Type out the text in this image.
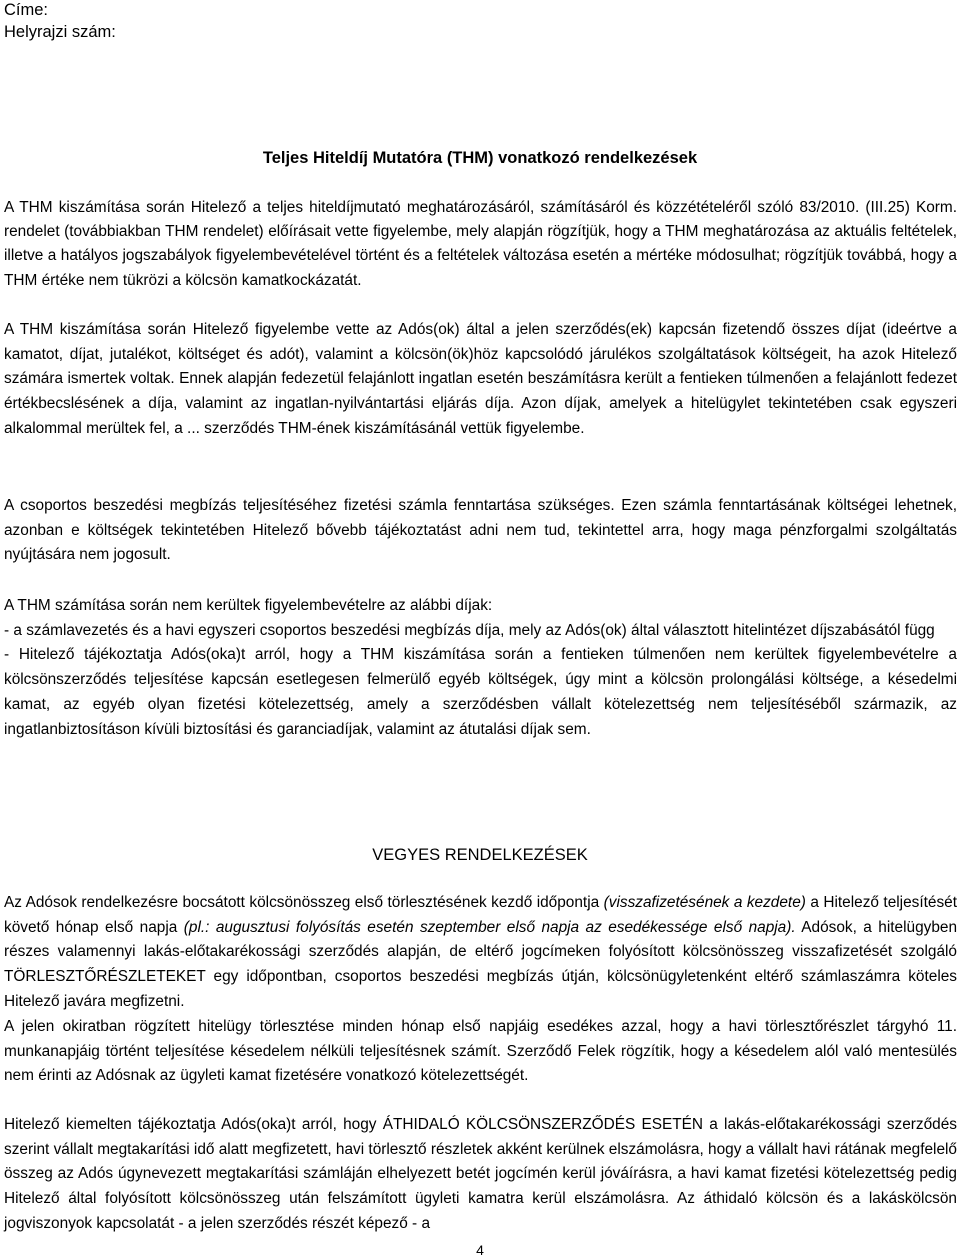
Címe:
Helyrajzi szám:
Teljes Hiteldíj Mutatóra (THM) vonatkozó rendelkezések
A THM kiszámítása során Hitelező a teljes hiteldíjmutató meghatározásáról, számításáról és közzétételéről szóló 83/2010. (III.25) Korm. rendelet (továbbiakban THM rendelet) előírásait vette figyelembe, mely alapján rögzítjük, hogy a THM meghatározása az aktuális feltételek, illetve a hatályos jogszabályok figyelembevételével történt és a feltételek változása esetén a mértéke módosulhat; rögzítjük továbbá, hogy a THM értéke nem tükrözi a kölcsön kamatkockázatát.
A THM kiszámítása során Hitelező figyelembe vette az Adós(ok) által a jelen szerződés(ek) kapcsán fizetendő összes díjat (ideértve a kamatot, díjat, jutalékot, költséget és adót), valamint a kölcsön(ök)höz kapcsolódó járulékos szolgáltatások költségeit, ha azok Hitelező számára ismertek voltak. Ennek alapján fedezetül felajánlott ingatlan esetén beszámításra került a fentieken túlmenően a felajánlott fedezet értékbecslésének a díja, valamint az ingatlan-nyilvántartási eljárás díja. Azon díjak, amelyek a hitelügylet tekintetében csak egyszeri alkalommal merültek fel, a ... szerződés THM-ének kiszámításánál vettük figyelembe.
A csoportos beszedési megbízás teljesítéséhez fizetési számla fenntartása szükséges. Ezen számla fenntartásának költségei lehetnek, azonban e költségek tekintetében Hitelező bővebb tájékoztatást adni nem tud, tekintettel arra, hogy maga pénzforgalmi szolgáltatás nyújtására nem jogosult.
A THM számítása során nem kerültek figyelembevételre az alábbi díjak:
- a számlavezetés és a havi egyszeri csoportos beszedési megbízás díja, mely az Adós(ok) által választott hitelintézet díjszabásától függ
- Hitelező tájékoztatja Adós(oka)t arról, hogy a THM kiszámítása során a fentieken túlmenően nem kerültek figyelembevételre a kölcsönszerződés teljesítése kapcsán esetlegesen felmerülő egyéb költségek, úgy mint a kölcsön prolongálási költsége, a késedelmi kamat, az egyéb olyan fizetési kötelezettség, amely a szerződésben vállalt kötelezettség nem teljesítéséből származik, az ingatlanbiztosításon kívüli biztosítási és garanciadíjak, valamint az átutalási díjak sem.
VEGYES RENDELKEZÉSEK
Az Adósok rendelkezésre bocsátott kölcsönösszeg első törlesztésének kezdő időpontja (visszafizetésének a kezdete) a Hitelező teljesítését követő hónap első napja (pl.: augusztusi folyósítás esetén szeptember első napja az esedékessége első napja). Adósok, a hitelügyben részes valamennyi lakás-előtakarékossági szerződés alapján, de eltérő jogcímeken folyósított kölcsönösszeg visszafizetését szolgáló TÖRLESZTŐRÉSZLETEKET egy időpontban, csoportos beszedési megbízás útján, kölcsönügyletenként eltérő számlaszámra köteles Hitelező javára megfizetni.
A jelen okiratban rögzített hitelügy törlesztése minden hónap első napjáig esedékes azzal, hogy a havi törlesztőrészlet tárgyhó 11. munkanapjáig történt teljesítése késedelem nélküli teljesítésnek számít. Szerződő Felek rögzítik, hogy a késedelem alól való mentesülés nem érinti az Adósnak az ügyleti kamat fizetésére vonatkozó kötelezettségét.
Hitelező kiemelten tájékoztatja Adós(oka)t arról, hogy ÁTHIDALÓ KÖLCSÖNSZERZŐDÉS ESETÉN a lakás-előtakarékossági szerződés szerint vállalt megtakarítási idő alatt megfizetett, havi törlesztő részletek akként kerülnek elszámolásra, hogy a vállalt havi rátának megfelelő összeg az Adós úgynevezett megtakarítási számláján elhelyezett betét jogcímén kerül jóváírásra, a havi kamat fizetési kötelezettség pedig Hitelező által folyósított kölcsönösszeg után felszámított ügyleti kamatra kerül elszámolásra. Az áthidaló kölcsön és a lakáskölcsön jogviszonyok kapcsolatát - a jelen szerződés részét képező - a
4
